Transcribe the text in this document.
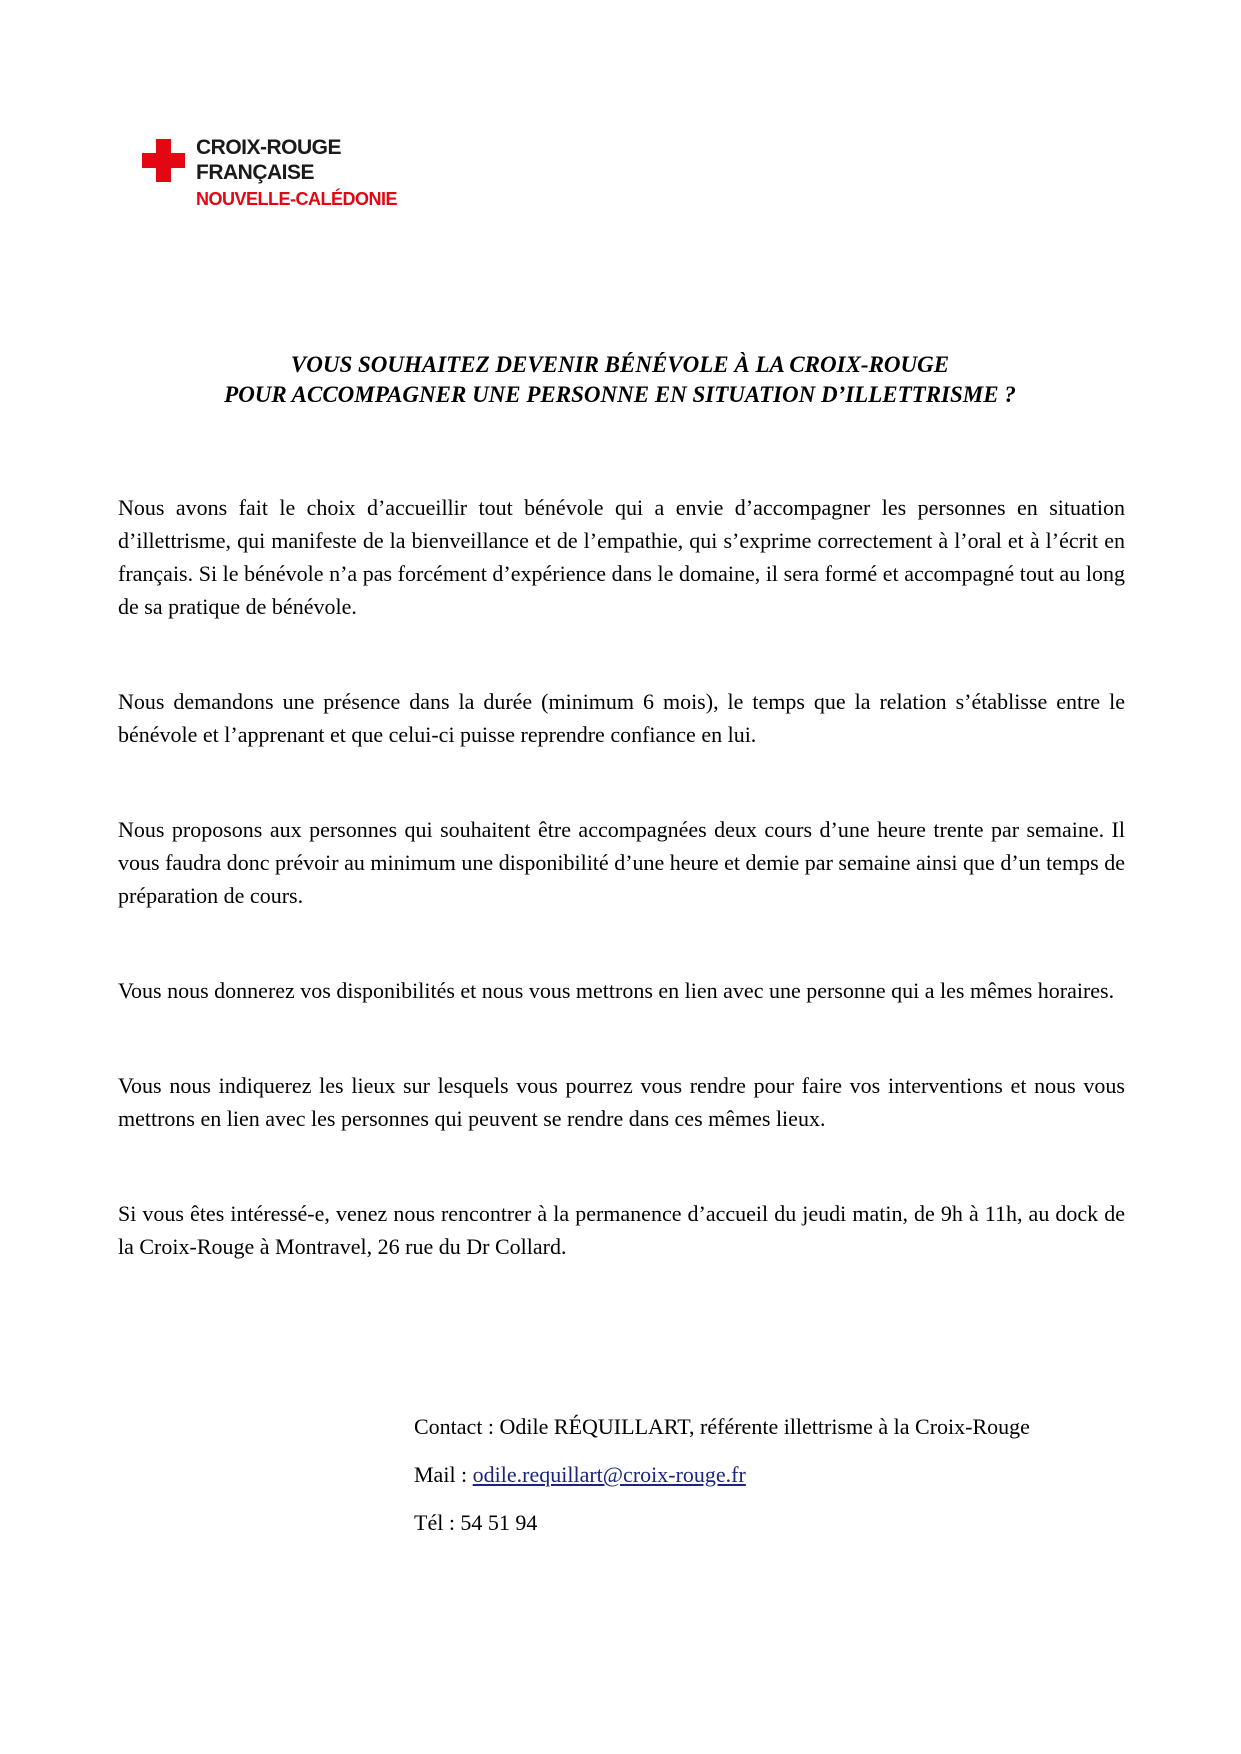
CROIX-ROUGE
FRANÇAISE
NOUVELLE-CALÉDONIE
VOUS SOUHAITEZ DEVENIR BÉNÉVOLE À LA CROIX-ROUGE
POUR ACCOMPAGNER UNE PERSONNE EN SITUATION D’ILLETTRISME ?

Nous avons fait le choix d’accueillir tout bénévole qui a envie d’accompagner les personnes en situation d’illettrisme, qui manifeste de la bienveillance et de l’empathie, qui s’exprime correctement à l’oral et à l’écrit en français. Si le bénévole n’a pas forcément d’expérience dans le domaine, il sera formé et accompagné tout au long de sa pratique de bénévole.

Nous demandons une présence dans la durée (minimum 6 mois), le temps que la relation s’établisse entre le bénévole et l’apprenant et que celui-ci puisse reprendre confiance en lui.

Nous proposons aux personnes qui souhaitent être accompagnées deux cours d’une heure trente par semaine. Il vous faudra donc prévoir au minimum une disponibilité d’une heure et demie par semaine ainsi que d’un temps de préparation de cours.

Vous nous donnerez vos disponibilités et nous vous mettrons en lien avec une personne qui a les mêmes horaires.

Vous nous indiquerez les lieux sur lesquels vous pourrez vous rendre pour faire vos interventions et nous vous mettrons en lien avec les personnes qui peuvent se rendre dans ces mêmes lieux.

Si vous êtes intéressé-e, venez nous rencontrer à la permanence d’accueil du jeudi matin, de 9h à 11h, au dock de la Croix-Rouge à Montravel, 26 rue du Dr Collard.

Contact : Odile RÉQUILLART, référente illettrisme à la Croix-Rouge
Mail : odile.requillart@croix-rouge.fr
Tél : 54 51 94
